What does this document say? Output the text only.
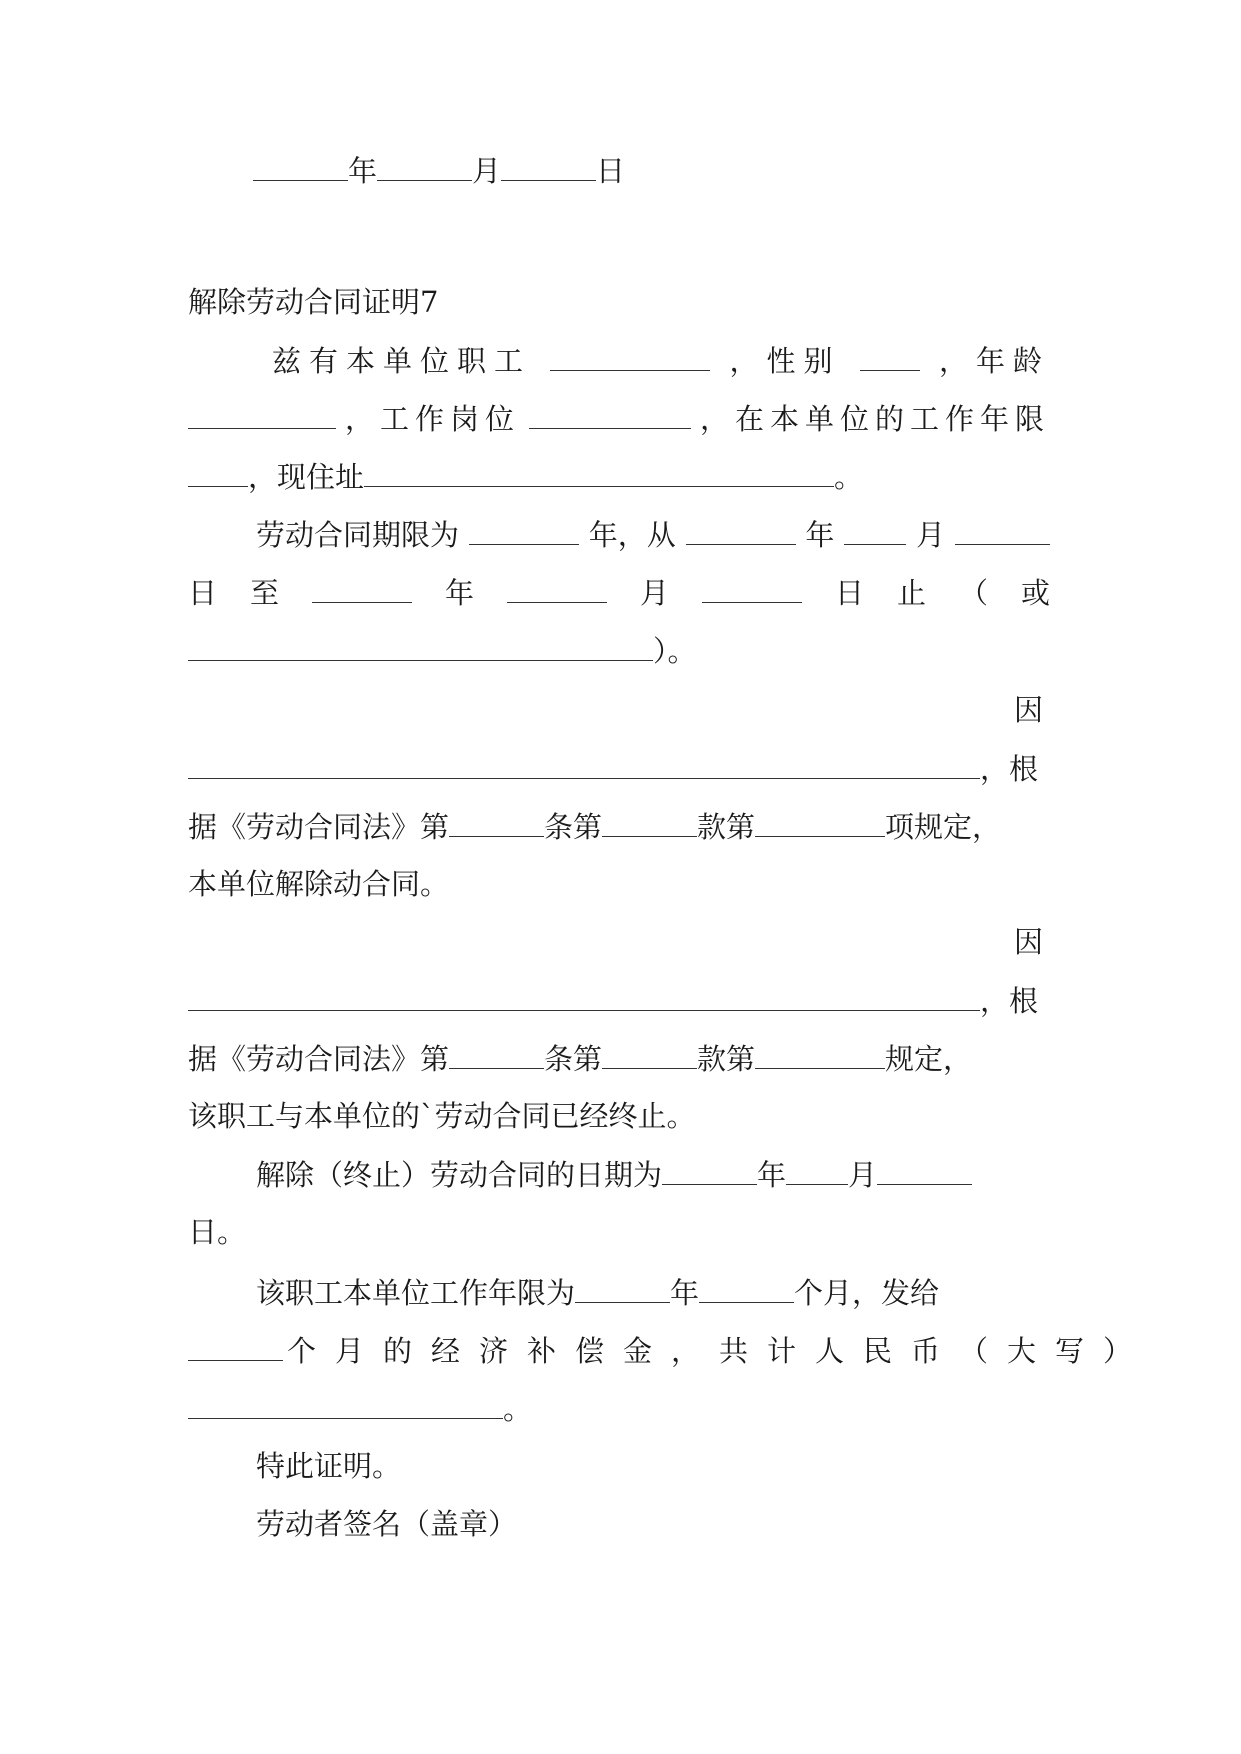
年	月	日
解除劳动合同证明7
兹有本单位职工	，性别	，年龄
，工作岗位	，在本单位的工作年限
，现住址	。
劳动合同期限为	年，从	年	月
日 至	年	月	日 止 （ 或
）。
因
，根
据《劳动合同法》第	条第	款第	项规定，
本单位解除动合同。
因
，根
据《劳动合同法》第	条第	款第	规定，
该职工与本单位的`劳动合同已经终止。
解除（终止）劳动合同的日期为	年 月
日。
该职工本单位工作年限为	年	个月，发给
个月的经济补偿金，共计人民币（大写）
。
特此证明。
劳动者签名（盖章）
